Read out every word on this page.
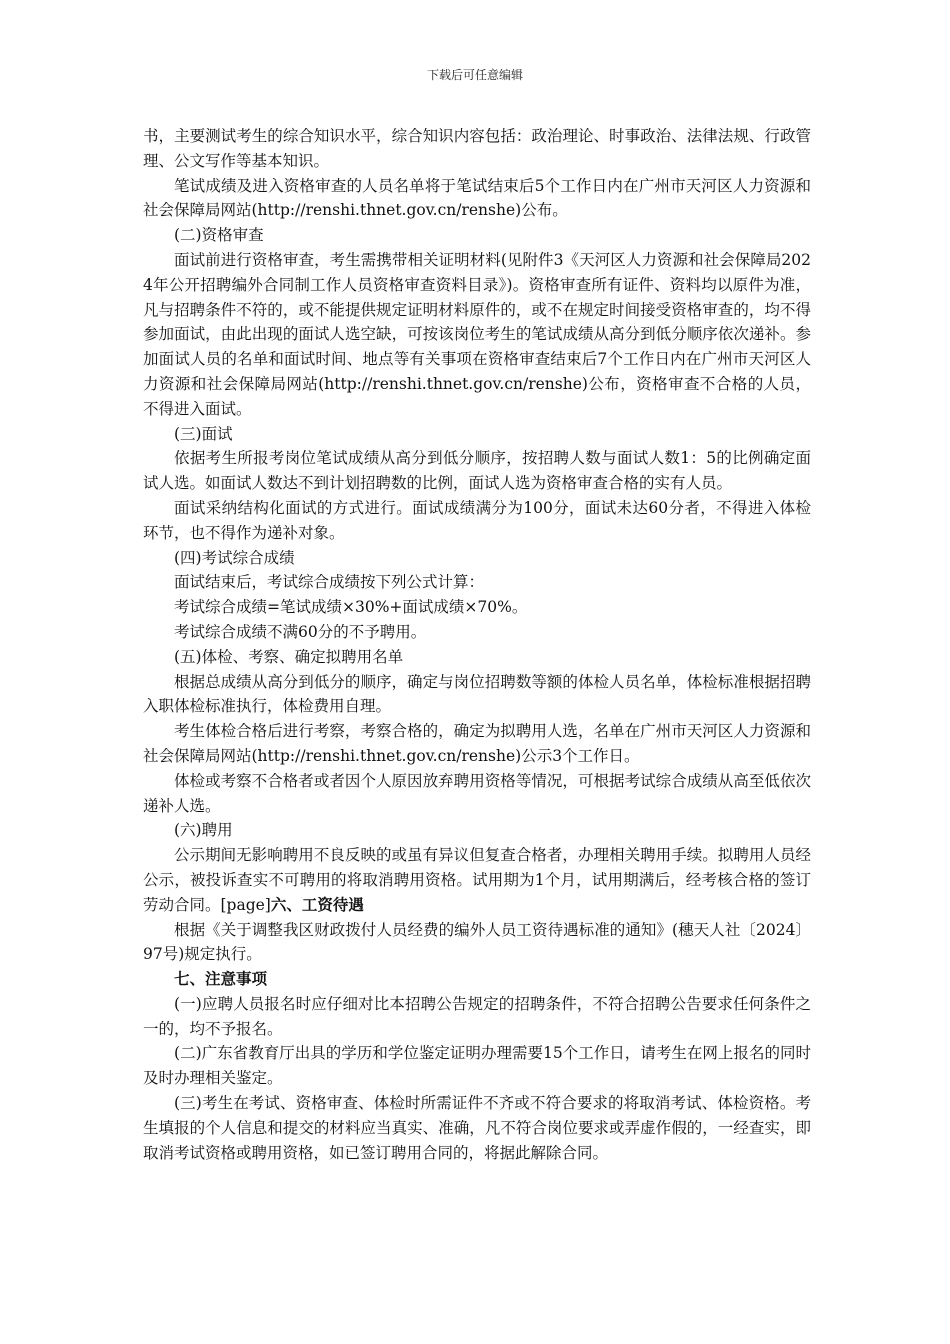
下载后可任意编辑

书，主要测试考生的综合知识水平，综合知识内容包括：政治理论、时事政治、法律法规、行政管理、公文写作等基本知识。

笔试成绩及进入资格审查的人员名单将于笔试结束后5个工作日内在广州市天河区人力资源和社会保障局网站(http://renshi.thnet.gov.cn/renshe)公布。

(二)资格审查

面试前进行资格审查，考生需携带相关证明材料(见附件3《天河区人力资源和社会保障局2024年公开招聘编外合同制工作人员资格审查资料目录》)。资格审查所有证件、资料均以原件为准，凡与招聘条件不符的，或不能提供规定证明材料原件的，或不在规定时间接受资格审查的，均不得参加面试，由此出现的面试人选空缺，可按该岗位考生的笔试成绩从高分到低分顺序依次递补。参加面试人员的名单和面试时间、地点等有关事项在资格审查结束后7个工作日内在广州市天河区人力资源和社会保障局网站(http://renshi.thnet.gov.cn/renshe)公布，资格审查不合格的人员，不得进入面试。

(三)面试

依据考生所报考岗位笔试成绩从高分到低分顺序，按招聘人数与面试人数1：5的比例确定面试人选。如面试人数达不到计划招聘数的比例，面试人选为资格审查合格的实有人员。

面试采纳结构化面试的方式进行。面试成绩满分为100分，面试未达60分者，不得进入体检环节，也不得作为递补对象。

(四)考试综合成绩

面试结束后，考试综合成绩按下列公式计算：

考试综合成绩=笔试成绩×30%+面试成绩×70%。

考试综合成绩不满60分的不予聘用。

(五)体检、考察、确定拟聘用名单

根据总成绩从高分到低分的顺序，确定与岗位招聘数等额的体检人员名单，体检标准根据招聘入职体检标准执行，体检费用自理。

考生体检合格后进行考察，考察合格的，确定为拟聘用人选，名单在广州市天河区人力资源和社会保障局网站(http://renshi.thnet.gov.cn/renshe)公示3个工作日。

体检或考察不合格者或者因个人原因放弃聘用资格等情况，可根据考试综合成绩从高至低依次递补人选。

(六)聘用

公示期间无影响聘用不良反映的或虽有异议但复查合格者，办理相关聘用手续。拟聘用人员经公示，被投诉查实不可聘用的将取消聘用资格。试用期为1个月，试用期满后，经考核合格的签订劳动合同。[page]六、工资待遇

根据《关于调整我区财政拨付人员经费的编外人员工资待遇标准的通知》(穗天人社〔2024〕97号)规定执行。

七、注意事项

(一)应聘人员报名时应仔细对比本招聘公告规定的招聘条件，不符合招聘公告要求任何条件之一的，均不予报名。

(二)广东省教育厅出具的学历和学位鉴定证明办理需要15个工作日，请考生在网上报名的同时及时办理相关鉴定。

(三)考生在考试、资格审查、体检时所需证件不齐或不符合要求的将取消考试、体检资格。考生填报的个人信息和提交的材料应当真实、准确，凡不符合岗位要求或弄虚作假的，一经查实，即取消考试资格或聘用资格，如已签订聘用合同的，将据此解除合同。
